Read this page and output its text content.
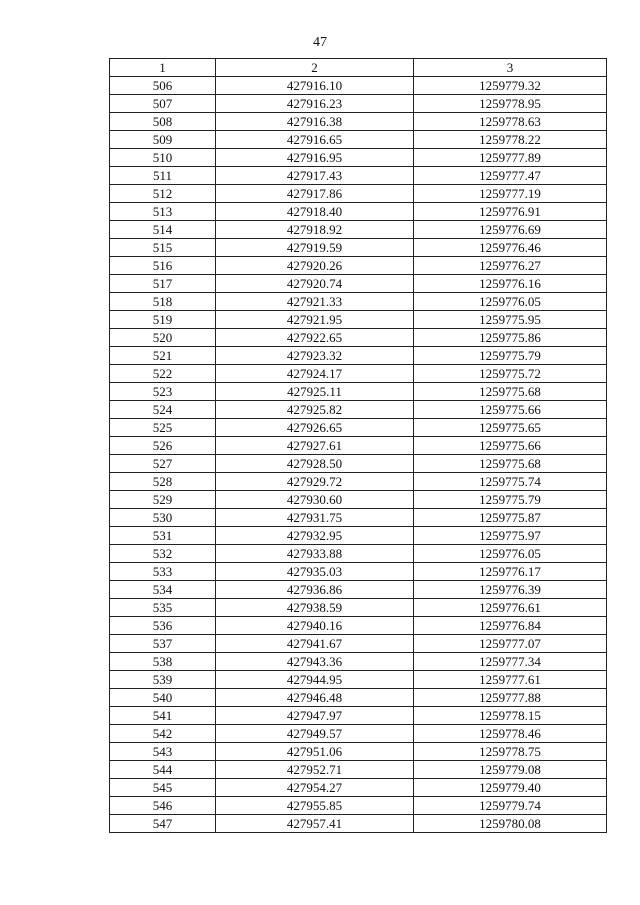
47
1	2	3
506	427916.10	1259779.32
507	427916.23	1259778.95
508	427916.38	1259778.63
509	427916.65	1259778.22
510	427916.95	1259777.89
511	427917.43	1259777.47
512	427917.86	1259777.19
513	427918.40	1259776.91
514	427918.92	1259776.69
515	427919.59	1259776.46
516	427920.26	1259776.27
517	427920.74	1259776.16
518	427921.33	1259776.05
519	427921.95	1259775.95
520	427922.65	1259775.86
521	427923.32	1259775.79
522	427924.17	1259775.72
523	427925.11	1259775.68
524	427925.82	1259775.66
525	427926.65	1259775.65
526	427927.61	1259775.66
527	427928.50	1259775.68
528	427929.72	1259775.74
529	427930.60	1259775.79
530	427931.75	1259775.87
531	427932.95	1259775.97
532	427933.88	1259776.05
533	427935.03	1259776.17
534	427936.86	1259776.39
535	427938.59	1259776.61
536	427940.16	1259776.84
537	427941.67	1259777.07
538	427943.36	1259777.34
539	427944.95	1259777.61
540	427946.48	1259777.88
541	427947.97	1259778.15
542	427949.57	1259778.46
543	427951.06	1259778.75
544	427952.71	1259779.08
545	427954.27	1259779.40
546	427955.85	1259779.74
547	427957.41	1259780.08
